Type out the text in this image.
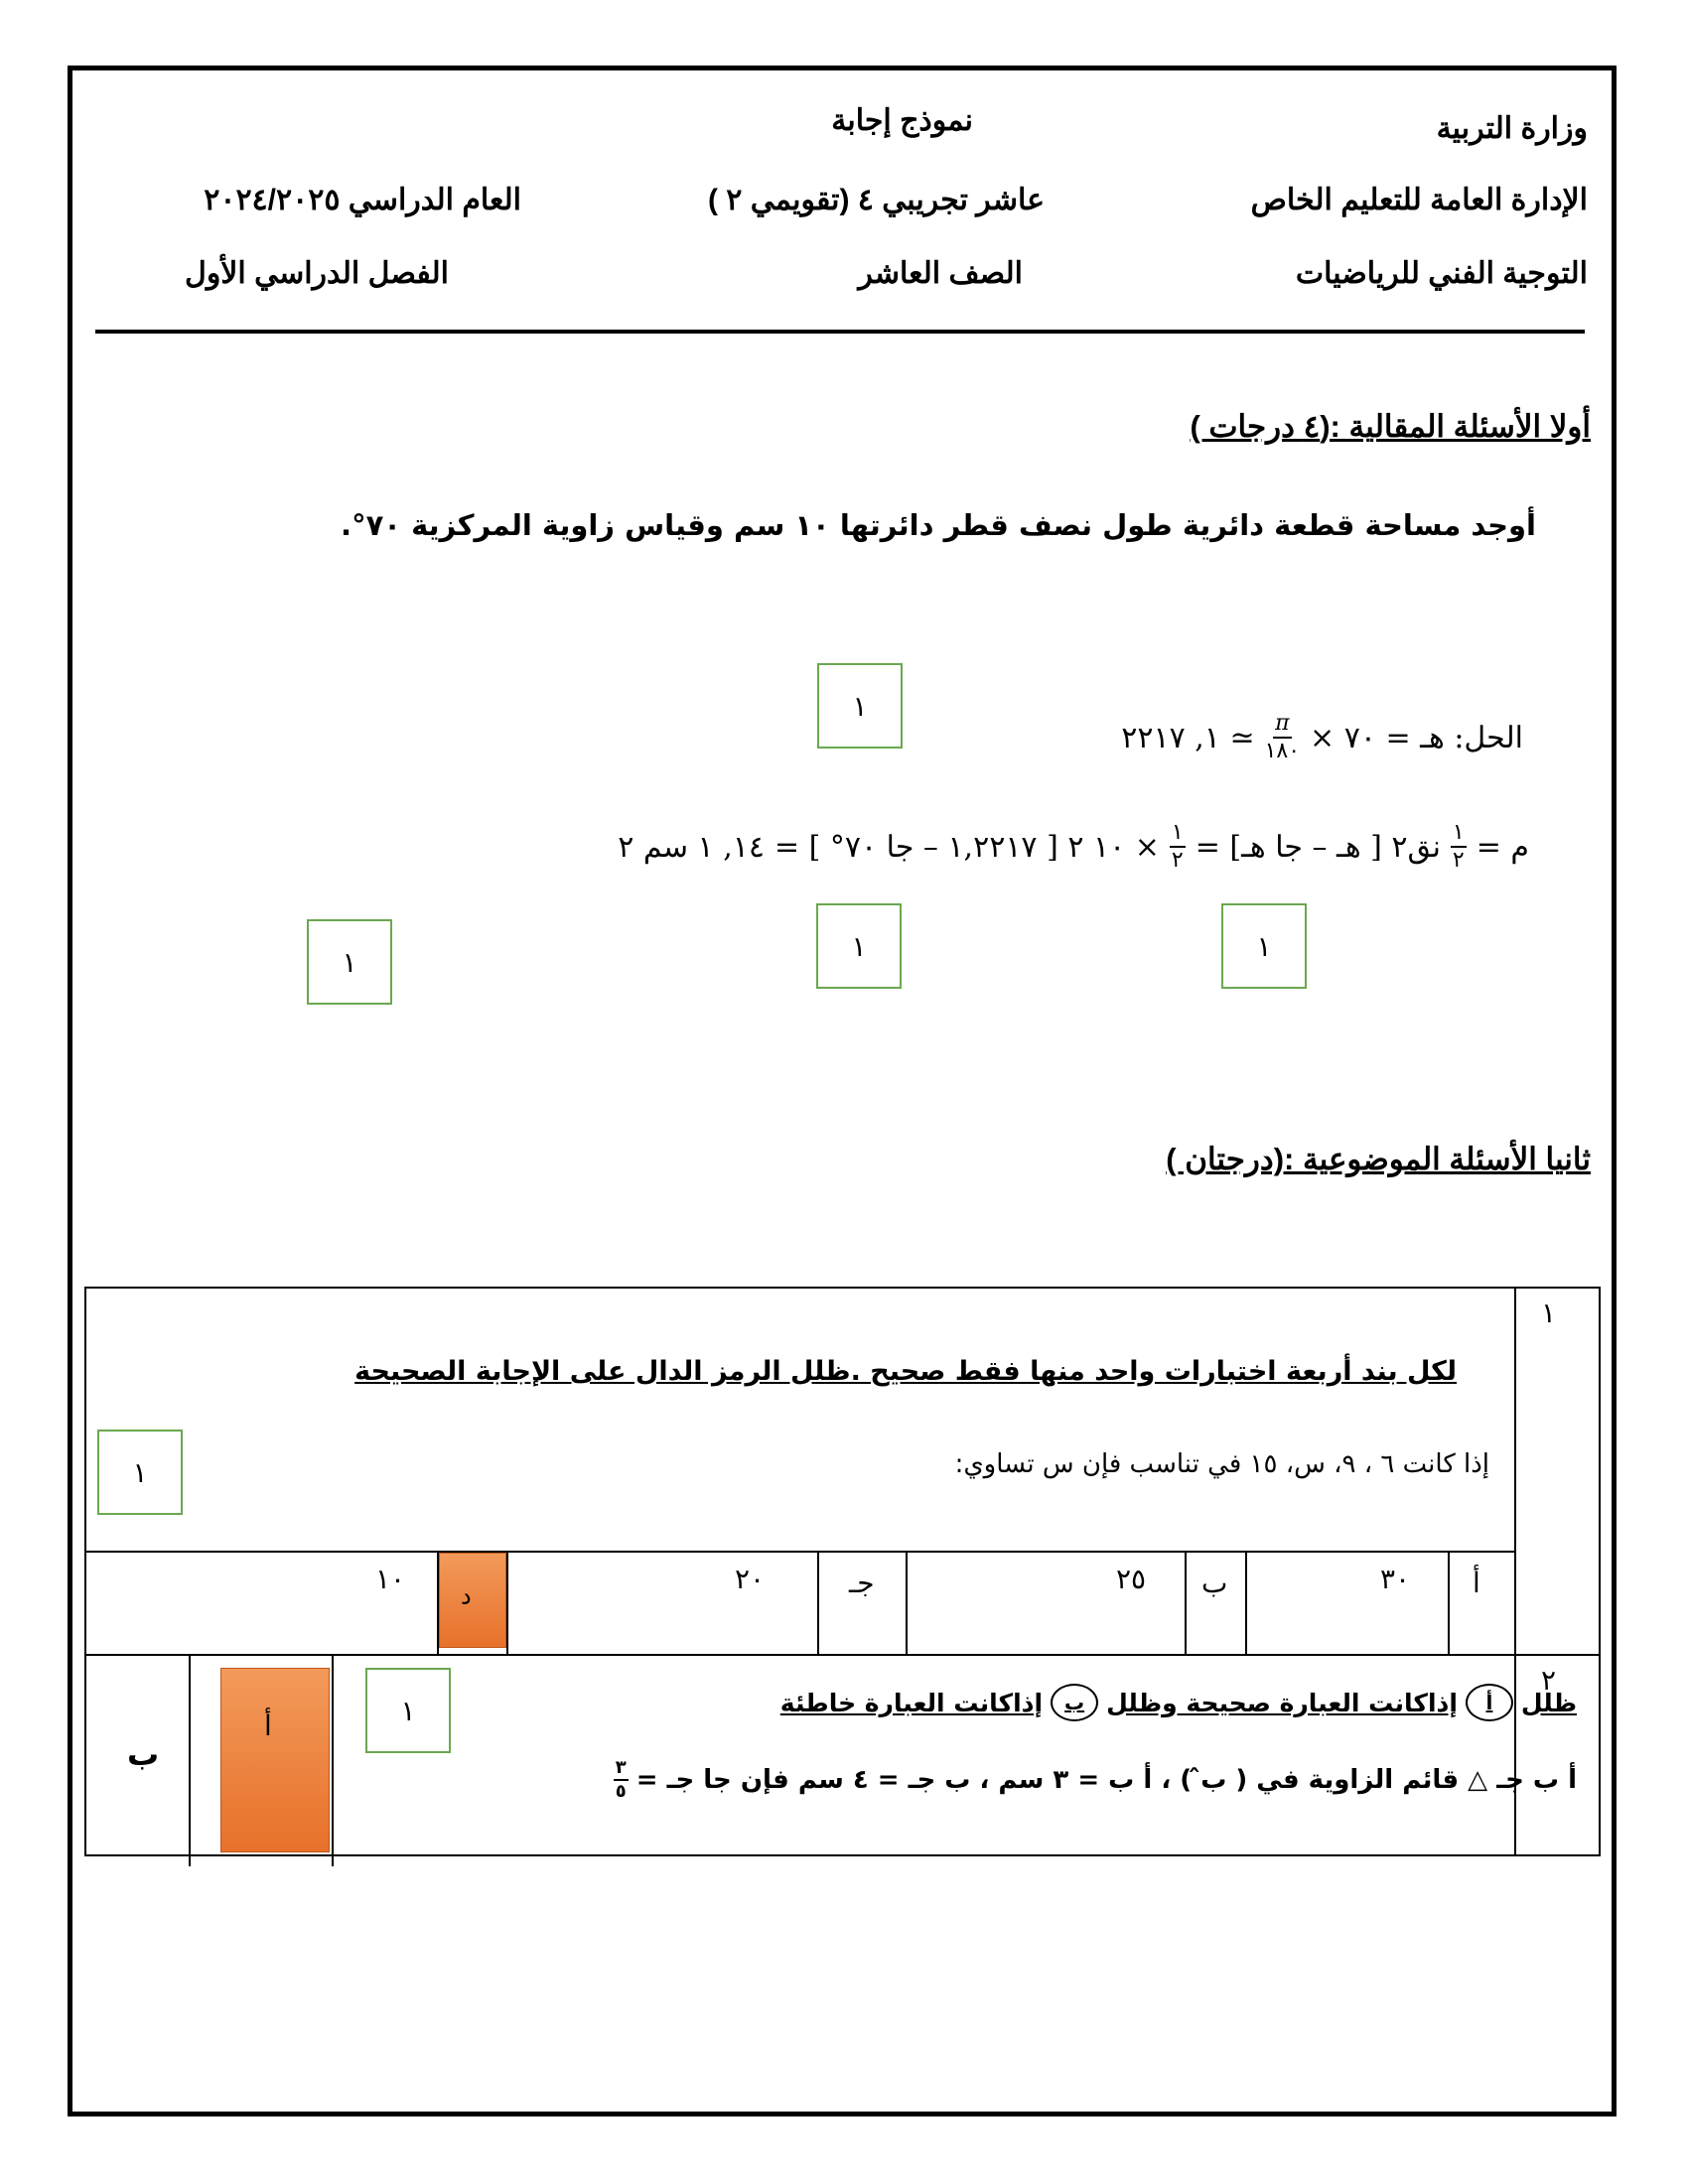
وزارة التربية
نموذج إجابة
الإدارة العامة للتعليم الخاص
عاشر تجريبي ٤ (تقويمي ٢ )
العام الدراسي ٢٠٢٤/٢٠٢٥
التوجية الفني للرياضيات
الصف العاشر
الفصل الدراسي الأول
أولا الأسئلة المقالية :(٤ درجات )
أوجد مساحة قطعة دائرية طول نصف قطر دائرتها ١٠ سم وقياس زاوية المركزية ٧٠°.
١
الحل: هـ = ٧٠ ×
$\frac{\pi}{١٨٠}$
≃ ١, ٢٢١٧
م =
$\frac{١}{٢}$
نق٢ [ هـ – جا هـ] =
$\frac{١}{٢}$
× ١٠ ٢ [ ١,٢٢١٧ – جا ٧٠° ] =
١٤, ١ سم ٢
١
١
١
ثانيا الأسئلة الموضوعية :(درجتان )
١
لكل بند أربعة اختبارات واحد منها فقط صحيح .ظلل الرمز الدال على الإجابة الصحيحة
١	إذا كانت ٦ ، ٩، س، ١٥ في تناسب فإن س تساوي:
أ
٣٠
ب
٢٥
جـ
٢٠
د
١٠
٢
ظلل
أ
إذاكانت العبارة صحيحة وظلل
ب
إذاكانت العبارة خاطئة
أ ب جـ △ قائم الزاوية في ( ب̂ ) ، أ ب = ٣ سم ، ب جـ = ٤ سم فإن جا جـ =
$\frac{٣}{٥}$
١
أ
ب
